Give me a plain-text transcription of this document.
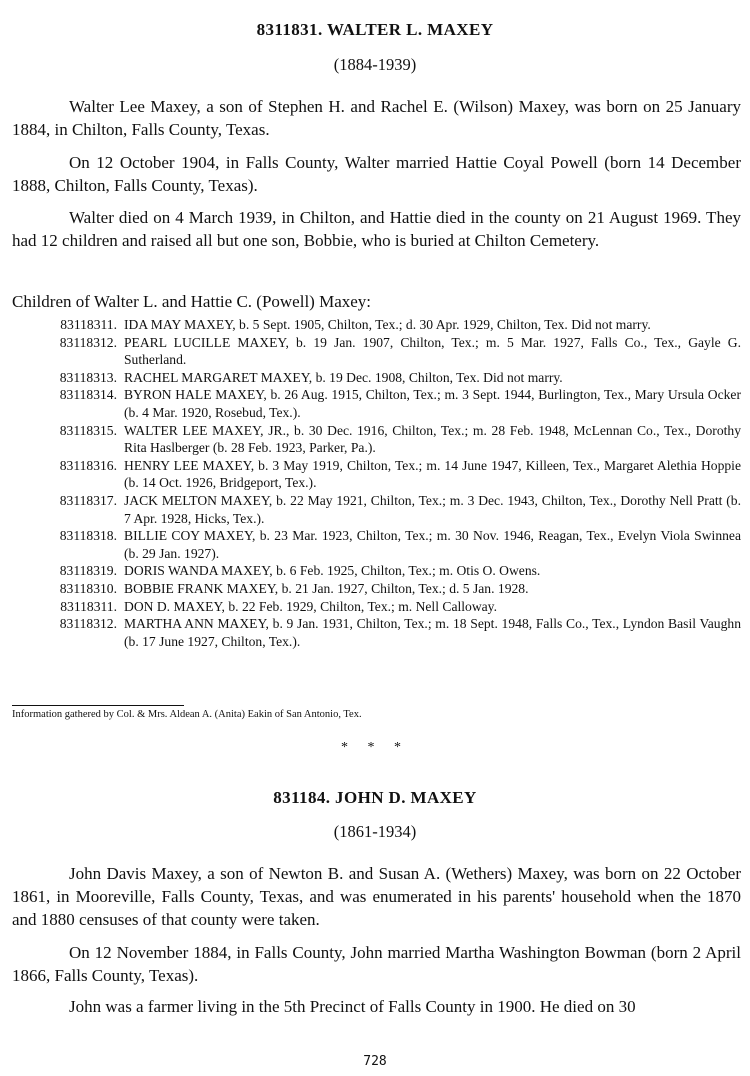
8311831. WALTER L. MAXEY
(1884-1939)

Walter Lee Maxey, a son of Stephen H. and Rachel E. (Wilson) Maxey, was born on 25 January 1884, in Chilton, Falls County, Texas.

On 12 October 1904, in Falls County, Walter married Hattie Coyal Powell (born 14 December 1888, Chilton, Falls County, Texas).

Walter died on 4 March 1939, in Chilton, and Hattie died in the county on 21 August 1969. They had 12 children and raised all but one son, Bobbie, who is buried at Chilton Cemetery.

Children of Walter L. and Hattie C. (Powell) Maxey:
83118311. IDA MAY MAXEY, b. 5 Sept. 1905, Chilton, Tex.; d. 30 Apr. 1929, Chilton, Tex. Did not marry.
83118312. PEARL LUCILLE MAXEY, b. 19 Jan. 1907, Chilton, Tex.; m. 5 Mar. 1927, Falls Co., Tex., Gayle G. Sutherland.
83118313. RACHEL MARGARET MAXEY, b. 19 Dec. 1908, Chilton, Tex. Did not marry.
83118314. BYRON HALE MAXEY, b. 26 Aug. 1915, Chilton, Tex.; m. 3 Sept. 1944, Burlington, Tex., Mary Ursula Ocker (b. 4 Mar. 1920, Rosebud, Tex.).
83118315. WALTER LEE MAXEY, JR., b. 30 Dec. 1916, Chilton, Tex.; m. 28 Feb. 1948, McLennan Co., Tex., Dorothy Rita Haslberger (b. 28 Feb. 1923, Parker, Pa.).
83118316. HENRY LEE MAXEY, b. 3 May 1919, Chilton, Tex.; m. 14 June 1947, Killeen, Tex., Margaret Alethia Hoppie (b. 14 Oct. 1926, Bridgeport, Tex.).
83118317. JACK MELTON MAXEY, b. 22 May 1921, Chilton, Tex.; m. 3 Dec. 1943, Chilton, Tex., Dorothy Nell Pratt (b. 7 Apr. 1928, Hicks, Tex.).
83118318. BILLIE COY MAXEY, b. 23 Mar. 1923, Chilton, Tex.; m. 30 Nov. 1946, Reagan, Tex., Evelyn Viola Swinnea (b. 29 Jan. 1927).
83118319. DORIS WANDA MAXEY, b. 6 Feb. 1925, Chilton, Tex.; m. Otis O. Owens.
83118310. BOBBIE FRANK MAXEY, b. 21 Jan. 1927, Chilton, Tex.; d. 5 Jan. 1928.
83118311. DON D. MAXEY, b. 22 Feb. 1929, Chilton, Tex.; m. Nell Calloway.
83118312. MARTHA ANN MAXEY, b. 9 Jan. 1931, Chilton, Tex.; m. 18 Sept. 1948, Falls Co., Tex., Lyndon Basil Vaughn (b. 17 June 1927, Chilton, Tex.).
Information gathered by Col. & Mrs. Aldean A. (Anita) Eakin of San Antonio, Tex.
* * *
831184. JOHN D. MAXEY
(1861-1934)

John Davis Maxey, a son of Newton B. and Susan A. (Wethers) Maxey, was born on 22 October 1861, in Mooreville, Falls County, Texas, and was enumerated in his parents' household when the 1870 and 1880 censuses of that county were taken.

On 12 November 1884, in Falls County, John married Martha Washington Bowman (born 2 April 1866, Falls County, Texas).

John was a farmer living in the 5th Precinct of Falls County in 1900. He died on 30

728
